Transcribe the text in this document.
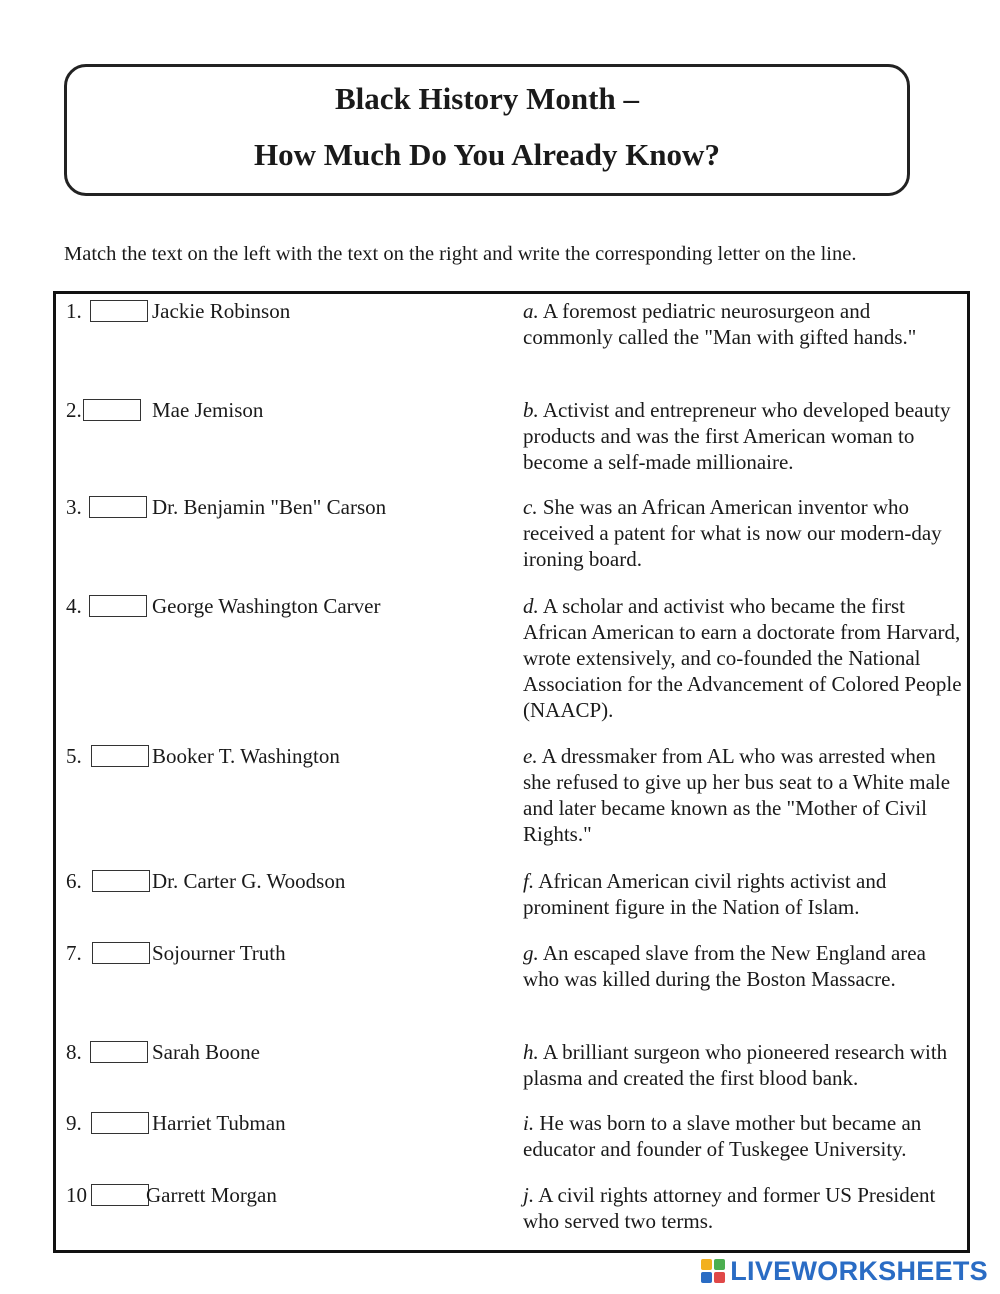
Black History Month –
How Much Do You Already Know?
Match the text on the left with the text on the right and write the corresponding letter on the line.
1.	Jackie Robinson	a. A foremost pediatric neurosurgeon and commonly called the "Man with gifted hands."
2.	Mae Jemison	b. Activist and entrepreneur who developed beauty products and was the first American woman to become a self-made millionaire.
3.	Dr. Benjamin "Ben" Carson	c. She was an African American inventor who received a patent for what is now our modern-day ironing board.
4.	George Washington Carver	d. A scholar and activist who became the first African American to earn a doctorate from Harvard, wrote extensively, and co-founded the National Association for the Advancement of Colored People (NAACP).
5.	Booker T. Washington	e. A dressmaker from AL who was arrested when she refused to give up her bus seat to a White male and later became known as the "Mother of Civil Rights."
6.	Dr. Carter G. Woodson	f. African American civil rights activist and prominent figure in the Nation of Islam.
7.	Sojourner Truth	g. An escaped slave from the New England area who was killed during the Boston Massacre.
8.	Sarah Boone	h. A brilliant surgeon who pioneered research with plasma and created the first blood bank.
9.	Harriet Tubman	i. He was born to a slave mother but became an educator and founder of Tuskegee University.
10	Garrett Morgan	j. A civil rights attorney and former US President who served two terms.
LIVEWORKSHEETS
